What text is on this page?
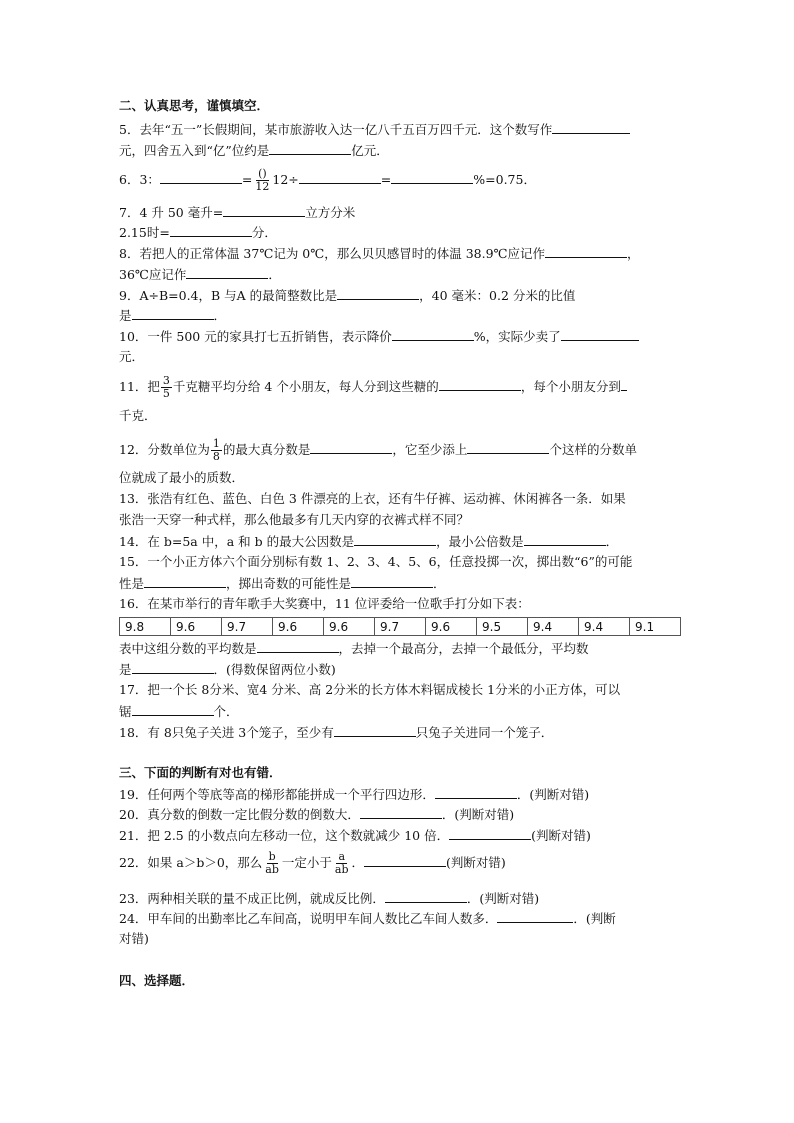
二、认真思考，谨慎填空．
5．去年“五一”长假期间，某市旅游收入达一亿八千五百万四千元．这个数写作
元，四舍五入到“亿”位约是	亿元．
6．3：	= $\frac{()}{12} 12\div$	=	%=0.75．
7．4 升 50 毫升=	立方分米
2.15时=	分．
8．若把人的正常体温 37℃记为 0℃，那么贝贝感冒时的体温 38.9℃应记作	，
36℃应记作	．
9．A÷B=0.4，B 与A 的最简整数比是	，40 毫米：0.2 分米的比值
是	．
10．一件 500 元的家具打七五折销售，表示降价	%，实际少卖了
元．
11．把 $\frac{3}{5}$ 千克糖平均分给 4 个小朋友，每人分到这些糖的	，每个小朋友分到
千克．
12．分数单位为 $\frac{1}{8}$ 的最大真分数是	，它至少添上	个这样的分数单
位就成了最小的质数．
13．张浩有红色、蓝色、白色 3 件漂亮的上衣，还有牛仔裤、运动裤、休闲裤各一条．如果
张浩一天穿一种式样，那么他最多有几天内穿的衣裤式样不同？
14．在 b=5a 中，a 和 b 的最大公因数是	，最小公倍数是	．
15．一个小正方体六个面分别标有数 1、2、3、4、5、6，任意投掷一次，掷出数“6”的可能
性是	，掷出奇数的可能性是	．
16．在某市举行的青年歌手大奖赛中，11 位评委给一位歌手打分如下表：
9.8	9.6	9.7	9.6	9.6	9.7	9.6	9.5	9.4	9.4	9.1
表中这组分数的平均数是	，去掉一个最高分，去掉一个最低分，平均数
是	．(得数保留两位小数)
17．把一个长 8分米、宽4 分米、高 2分米的长方体木料锯成棱长 1分米的小正方体，可以
锯	个．
18．有 8只兔子关进 3个笼子，至少有	只兔子关进同一个笼子．
三、下面的判断有对也有错．
19．任何两个等底等高的梯形都能拼成一个平行四边形．	．(判断对错)
20．真分数的倒数一定比假分数的倒数大．	．(判断对错)
21．把 2.5 的小数点向左移动一位，这个数就减少 10 倍．	(判断对错)
22．如果 a＞b＞0，那么 $\frac{b}{ab}$ 一定小于 $\frac{a}{ab}$ ．	(判断对错)
23．两种相关联的量不成正比例，就成反比例．	．(判断对错)
24．甲车间的出勤率比乙车间高，说明甲车间人数比乙车间人数多．	．(判断
对错)
四、选择题．
